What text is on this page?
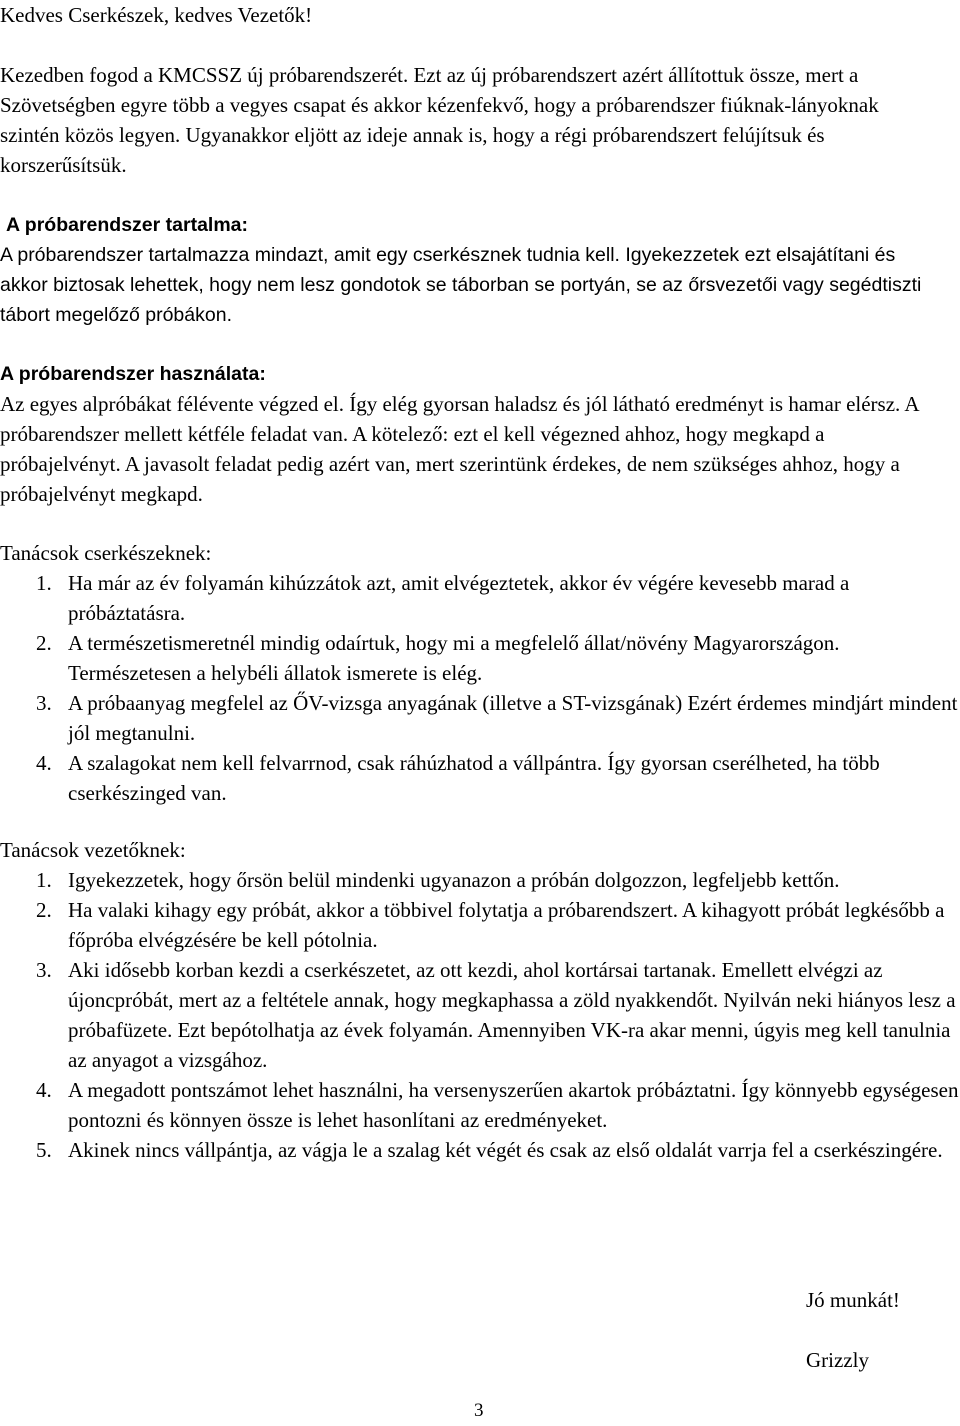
Kedves Cserkészek, kedves Vezetők!

Kezedben fogod a KMCSSZ új próbarendszerét. Ezt az új próbarendszert azért állítottuk össze, mert a Szövetségben egyre több a vegyes csapat és akkor kézenfekvő, hogy a próbarendszer fiúknak-lányoknak szintén közös legyen. Ugyanakkor eljött az ideje annak is, hogy a régi próbarendszert felújítsuk és korszerűsítsük.

A próbarendszer tartalma:

A próbarendszer tartalmazza mindazt, amit egy cserkésznek tudnia kell. Igyekezzetek ezt elsajátítani és akkor biztosak lehettek, hogy nem lesz gondotok se táborban se portyán, se az őrsvezetői vagy segédtiszti tábort megelőző próbákon.

A próbarendszer használata:

Az egyes alpróbákat félévente végzed el. Így elég gyorsan haladsz és jól látható eredményt is hamar elérsz. A próbarendszer mellett kétféle feladat van. A kötelező: ezt el kell végezned ahhoz, hogy megkapd a próbajelvényt. A javasolt feladat pedig azért van, mert szerintünk érdekes, de nem szükséges ahhoz, hogy a próbajelvényt megkapd.

Tanácsok cserkészeknek:
1. Ha már az év folyamán kihúzzátok azt, amit elvégeztetek, akkor év végére kevesebb marad a próbáztatásra.
2. A természetismeretnél mindig odaírtuk, hogy mi a megfelelő állat/növény Magyarországon. Természetesen a helybéli állatok ismerete is elég.
3. A próbaanyag megfelel az ŐV-vizsga anyagának (illetve a ST-vizsgának) Ezért érdemes mindjárt mindent jól megtanulni.
4. A szalagokat nem kell felvarrnod, csak ráhúzhatod a vállpántra. Így gyorsan cserélheted, ha több cserkészinged van.
Tanácsok vezetőknek:
1. Igyekezzetek, hogy őrsön belül mindenki ugyanazon a próbán dolgozzon, legfeljebb kettőn.
2. Ha valaki kihagy egy próbát, akkor a többivel folytatja a próbarendszert. A kihagyott próbát legkésőbb a főpróba elvégzésére be kell pótolnia.
3. Aki idősebb korban kezdi a cserkészetet, az ott kezdi, ahol kortársai tartanak. Emellett elvégzi az újoncpróbát, mert az a feltétele annak, hogy megkaphassa a zöld nyakkendőt. Nyilván neki hiányos lesz a próbafüzete. Ezt bepótolhatja az évek folyamán. Amennyiben VK-ra akar menni, úgyis meg kell tanulnia az anyagot a vizsgához.
4. A megadott pontszámot lehet használni, ha versenyszerűen akartok próbáztatni. Így könnyebb egységesen pontozni és könnyen össze is lehet hasonlítani az eredményeket.
5. Akinek nincs vállpántja, az vágja le a szalag két végét és csak az első oldalát varrja fel a cserkészingére.
Jó munkát!
Grizzly
3
